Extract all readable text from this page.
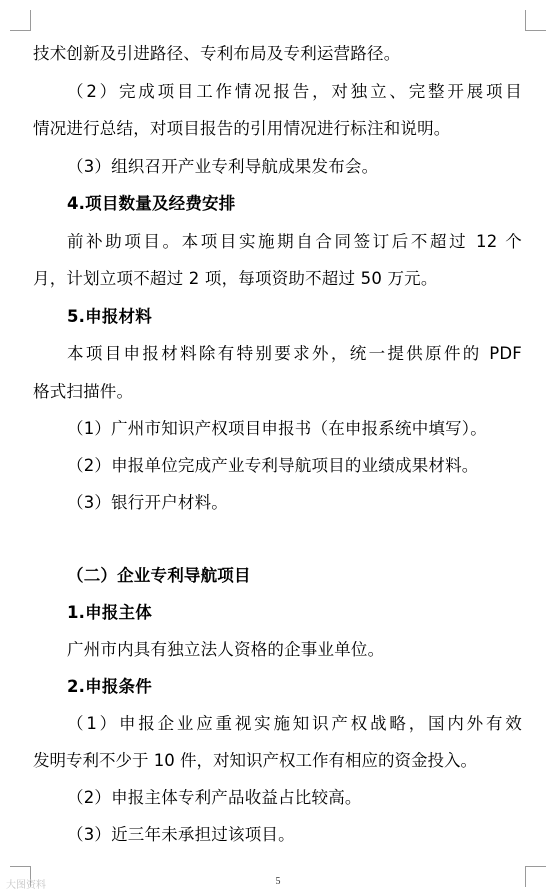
技术创新及引进路径、专利布局及专利运营路径。
（2）完成项目工作情况报告，对独立、完整开展项目
情况进行总结，对项目报告的引用情况进行标注和说明。
（3）组织召开产业专利导航成果发布会。
4.项目数量及经费安排
前补助项目。本项目实施期自合同签订后不超过 12 个
月，计划立项不超过 2 项，每项资助不超过 50 万元。
5.申报材料
本项目申报材料除有特别要求外，统一提供原件的 PDF
格式扫描件。
（1）广州市知识产权项目申报书（在申报系统中填写）。
（2）申报单位完成产业专利导航项目的业绩成果材料。
（3）银行开户材料。
（二）企业专利导航项目
1.申报主体
广州市内具有独立法人资格的企事业单位。
2.申报条件
（1）申报企业应重视实施知识产权战略，国内外有效
发明专利不少于 10 件，对知识产权工作有相应的资金投入。
（2）申报主体专利产品收益占比较高。
（3）近三年未承担过该项目。
大图资料	5
